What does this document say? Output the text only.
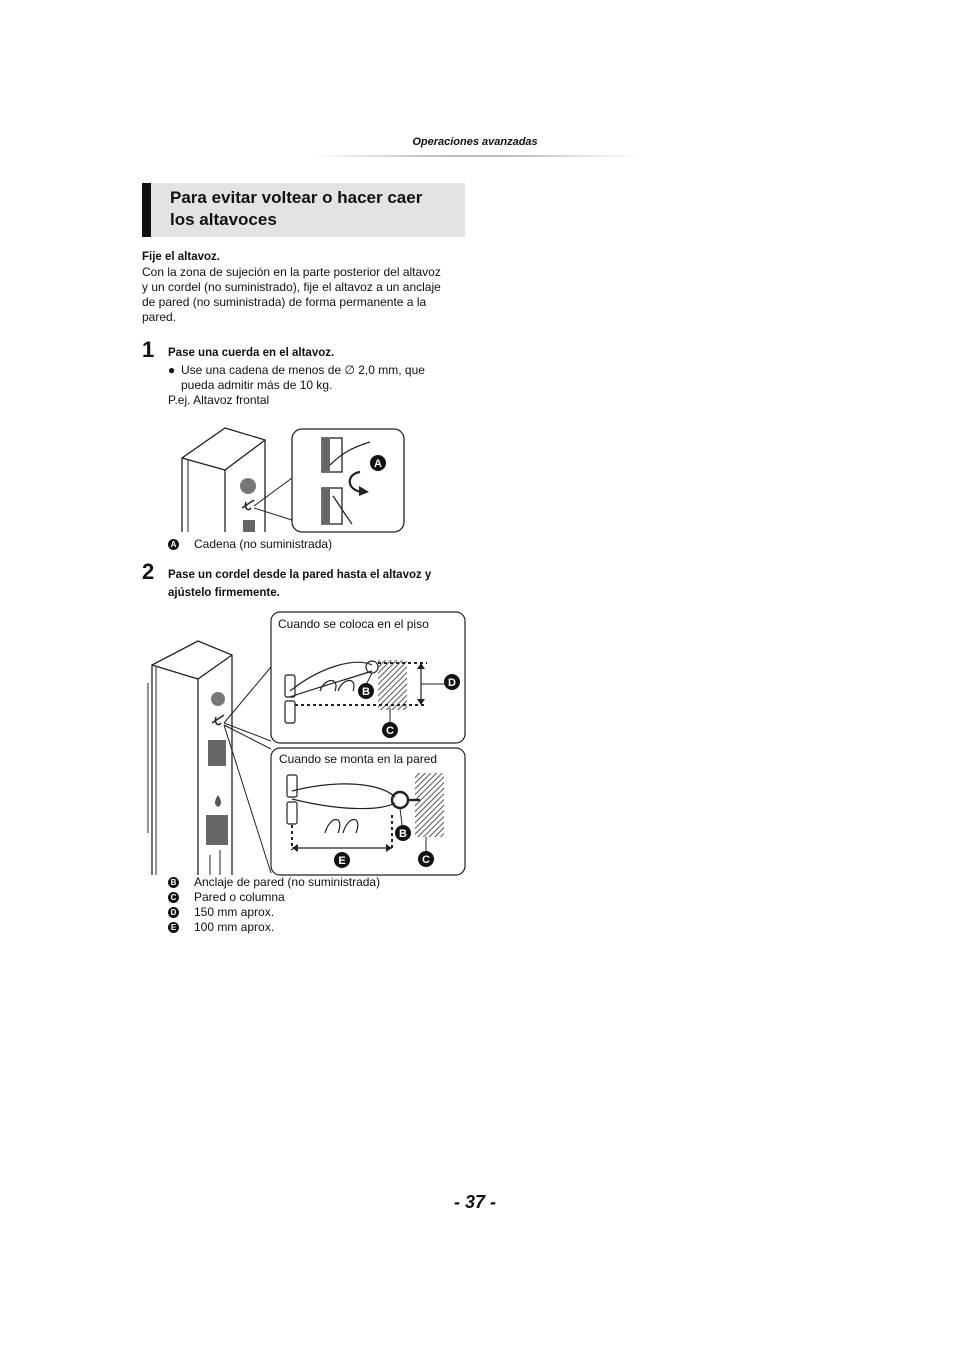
Operaciones avanzadas
Para evitar voltear o hacer caer
los altavoces
Fije el altavoz.
Con la zona de sujeción en la parte posterior del altavoz
y un cordel (no suministrado), fije el altavoz a un anclaje
de pared (no suministrada) de forma permanente a la
pared.
1 Pase una cuerda en el altavoz.
● Use una cadena de menos de ∅ 2,0 mm, que
pueda admitir más de 10 kg.
P.ej. Altavoz frontal
A
A Cadena (no suministrada)
2 Pase un cordel desde la pared hasta el altavoz y
ajústelo firmemente.
Cuando se coloca en el piso
B
C
D
Cuando se monta en la pared
B
C
E
B Anclaje de pared (no suministrada)
C Pared o columna
D 150 mm aprox.
E 100 mm aprox.
- 37 -
